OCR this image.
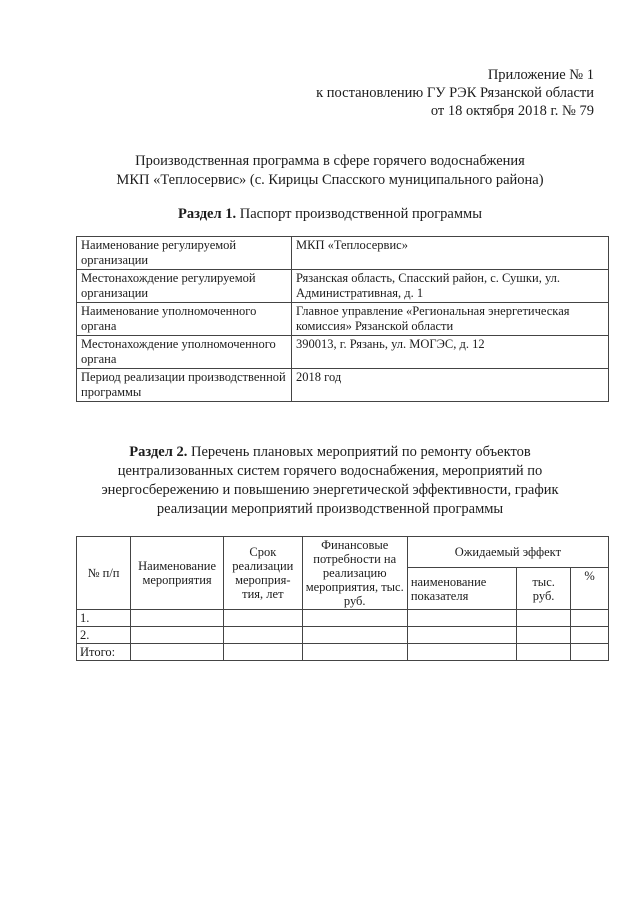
Приложение № 1
к постановлению ГУ РЭК Рязанской области
от 18 октября 2018 г. № 79
Производственная программа в сфере горячего водоснабжения
МКП «Теплосервис» (с. Кирицы Спасского муниципального района)
Раздел 1. Паспорт производственной программы
Наименование регулируемой организации	МКП «Теплосервис»
Местонахождение регулируемой организации	Рязанская область, Спасский район, с. Сушки, ул. Административная, д. 1
Наименование уполномоченного органа	Главное управление «Региональная энергетическая комиссия» Рязанской области
Местонахождение уполномоченного органа	390013, г. Рязань, ул. МОГЭС, д. 12
Период реализации производственной программы	2018 год
Раздел 2. Перечень плановых мероприятий по ремонту объектов централизованных систем горячего водоснабжения, мероприятий по энергосбережению и повышению энергетической эффективности, график реализации мероприятий производственной программы
№ п/п	Наименование мероприятия	Срок реализации мероприя-тия, лет	Финансовые потребности на реализацию мероприятия, тыс. руб.	Ожидаемый эффект		
				наименование показателя	тыс. руб.	%
1.						
2.						
Итого:						
